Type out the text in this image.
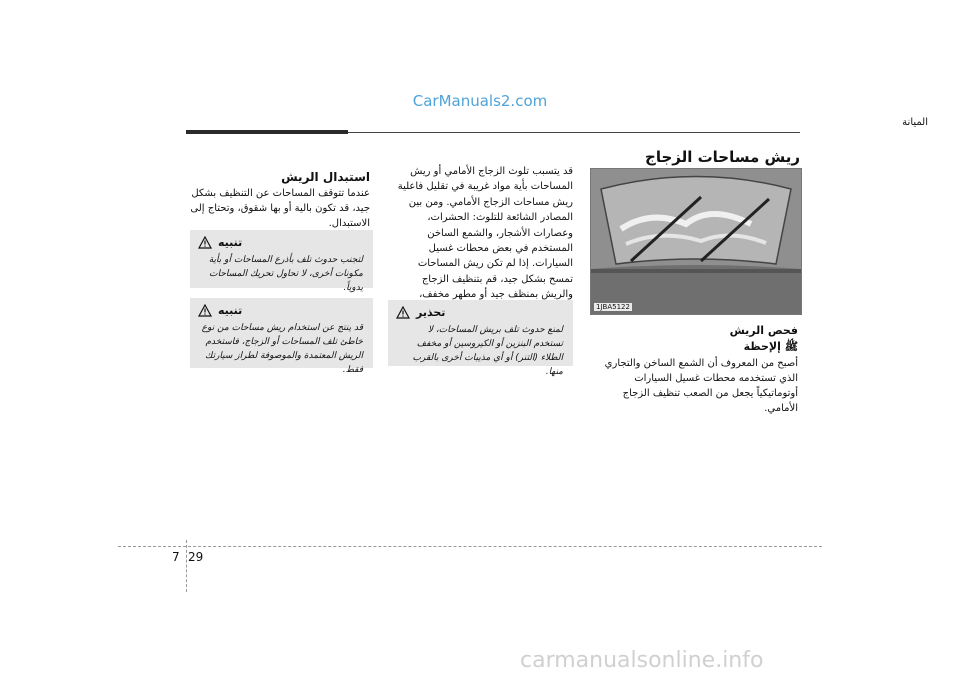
CarManuals2.com
الميانة
ريش مساحات الزجاج
1JBA5122
فحص الريش
ﷺ إلإحظة
أصبح من المعروف أن الشمع الساخن والتجاري الذي تستخدمه محطات غسيل السيارات أوتوماتيكياً يجعل من الصعب تنظيف الزجاج الأمامي.
قد يتسبب تلوث الزجاج الأمامي أو ريش المساحات بأية مواد غريبة في تقليل فاعلية ريش مساحات الزجاج الأمامي. ومن بين المصادر الشائعة للتلوث: الحشرات، وعصارات الأشجار، والشمع الساخن المستخدم في بعض محطات غسيل السيارات. إذا لم تكن ريش المساحات تمسح بشكل جيد، قم بتنظيف الزجاج والريش بمنظف جيد أو مطهر مخفف،
تحذير
لمنع حدوث تلف بريش المساحات، لا تستخدم البنزين أو الكيروسين أو مخفف الطلاء (التنر) أو أي مذيبات أخرى بالقرب منها.
استبدال الريش
عندما تتوقف المساحات عن التنظيف بشكل جيد، قد تكون بالية أو بها شقوق، وتحتاج إلى الاستبدال.
تنبيه
لتجنب حدوث تلف بأذرع المساحات أو بأية مكونات أخرى، لا تحاول تحريك المساحات يدوياً.
تنبيه
قد ينتج عن استخدام ريش مساحات من نوع خاطئ تلف المساحات أو الزجاج، فاستخدم الريش المعتمدة والموصوفة لطراز سيارتك فقط.
7 29
carmanualsonline.info
